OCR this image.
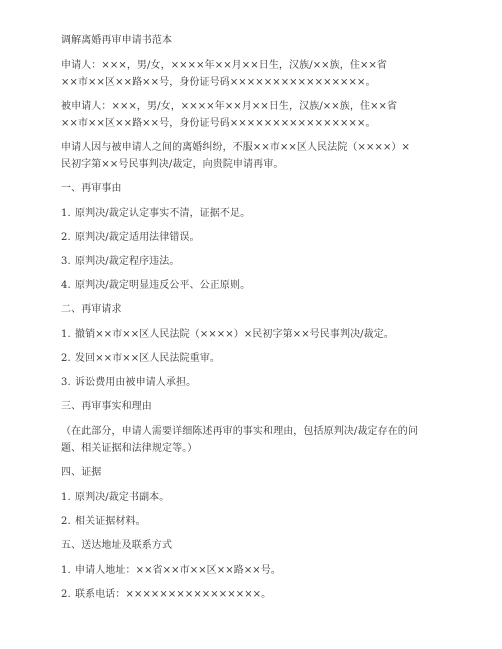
调解离婚再审申请书范本
申请人：×××，男/女，××××年××月××日生，汉族/××族，住××省
××市××区××路××号，身份证号码××××××××××××××××。
被申请人：×××，男/女，××××年××月××日生，汉族/××族，住××省
××市××区××路××号，身份证号码××××××××××××××××。
申请人因与被申请人之间的离婚纠纷，不服××市××区人民法院（××××）×
民初字第××号民事判决/裁定，向贵院申请再审。
一、再审事由
1. 原判决/裁定认定事实不清，证据不足。
2. 原判决/裁定适用法律错误。
3. 原判决/裁定程序违法。
4. 原判决/裁定明显违反公平、公正原则。
二、再审请求
1. 撤销××市××区人民法院（××××）×民初字第××号民事判决/裁定。
2. 发回××市××区人民法院重审。
3. 诉讼费用由被申请人承担。
三、再审事实和理由
（在此部分，申请人需要详细陈述再审的事实和理由，包括原判决/裁定存在的问
题、相关证据和法律规定等。）
四、证据
1. 原判决/裁定书副本。
2. 相关证据材料。
五、送达地址及联系方式
1. 申请人地址：××省××市××区××路××号。
2. 联系电话：××××××××××××××××。
